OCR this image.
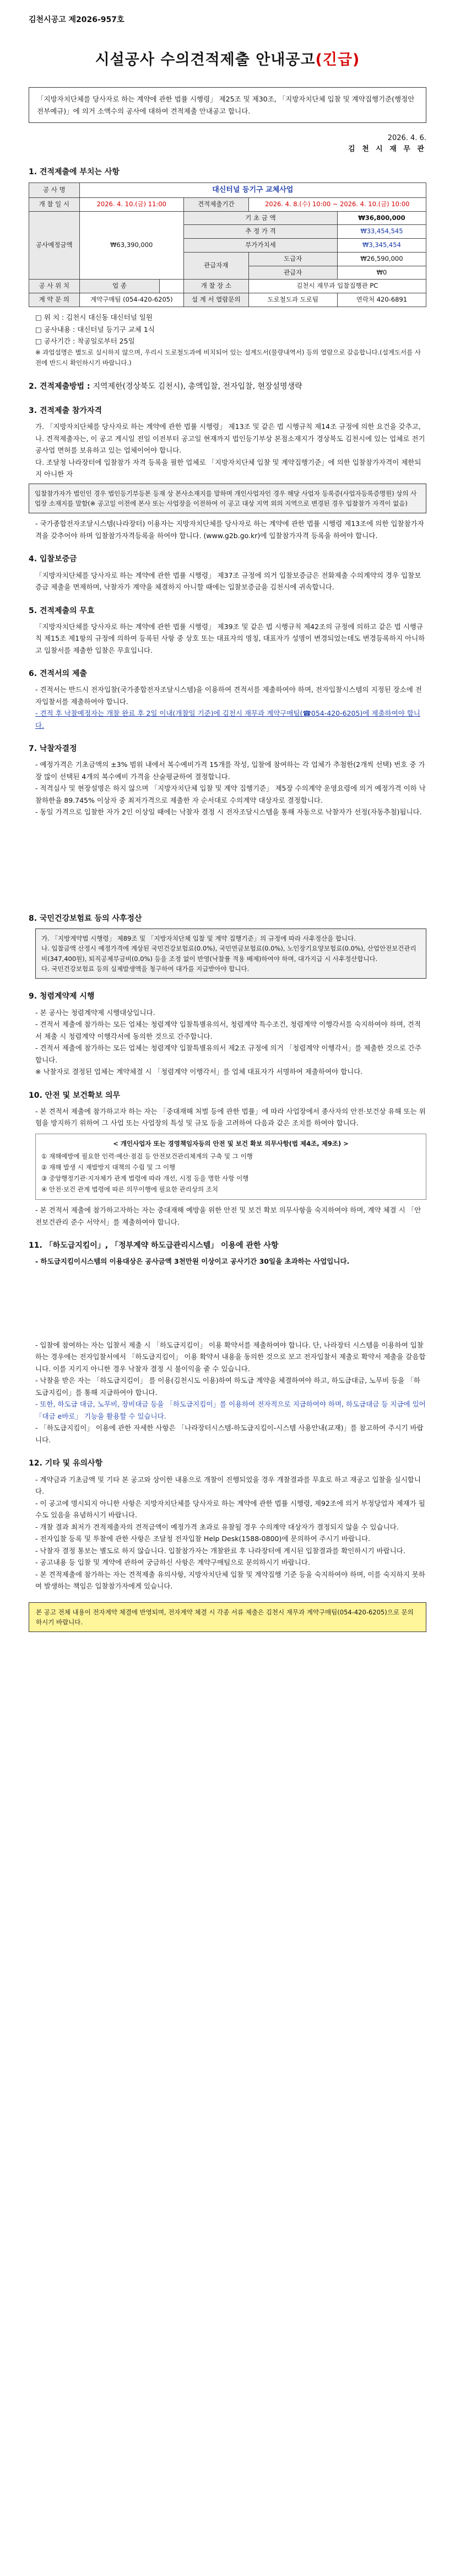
김천시공고 제2026-957호
시설공사 수의견적제출 안내공고(긴급)
「지방자치단체를 당사자로 하는 계약에 관한 법률 시행령」 제25조 및 제30조, 「지방자치단체 입찰 및 계약집행기준(행정안전부예규)」에 의거 소액수의 공사에 대하여 견적제출 안내공고 합니다.
2026. 4. 6.
김 천 시 재 무 관
1. 견적제출에 부치는 사항
공 사 명	대신터널 등기구 교체사업				
개 찰 일 시	2026. 4. 10.(금) 11:00		견적제출기간	2026. 4. 8.(수) 10:00 ~ 2026. 4. 10.(금) 10:00	
공사예정금액	₩63,390,000		기 초 금 액		₩36,800,000
			추 정 가 격		₩33,454,545
			부가가치세		₩3,345,454
			관급자재	도급자	₩26,590,000
				관급자	₩0
공 사 위 치	업 종		개 찰 장 소	김천시 재무과 입찰집행관 PC	
계 약 문 의	계약구매팀 (054-420-6205)		설 계 서 열람문의	도로철도과 도로팀	연락처 420-6891
□ 위 치 : 김천시 대신동 대신터널 일원
□ 공사내용 : 대신터널 등기구 교체 1식
□ 공사기간 : 착공일로부터 25일
※ 과업설명은 별도로 실시하지 않으며, 우리시 도로철도과에 비치되어 있는 설계도서(물량내역서) 등의 열람으로 갈음합니다.(설계도서를 사전에 반드시 확인하시기 바랍니다.)
2. 견적제출방법 : 지역제한(경상북도 김천시), 총액입찰, 전자입찰, 현장설명생략
3. 견적제출 참가자격
가. 「지방자치단체를 당사자로 하는 계약에 관한 법률 시행령」 제13조 및 같은 법 시행규칙 제14조 규정에 의한 요건을 갖추고,
나. 견적제출자는, 이 공고 게시일 전일 이전부터 공고일 현재까지 법인등기부상 본점소재지가 경상북도 김천시에 있는 업체로 전기공사업 면허를 보유하고 있는 업체이어야 합니다.
다. 조달청 나라장터에 입찰참가 자격 등록을 필한 업체로 「지방자치단체 입찰 및 계약집행기준」에 의한 입찰참가자격이 제한되지 아니한 자
입찰참가자가 법인인 경우 법인등기부등본 등재 상 본사소재지를 말하며 개인사업자인 경우 해당 사업자 등록증(사업자등록증명원) 상의 사업장 소재지를 말함(※ 공고일 이전에 본사 또는 사업장을 이전하여 이 공고 대상 지역 외의 지역으로 변경된 경우 입찰참가 자격이 없음)
- 국가종합전자조달시스템(나라장터) 이용자는 지방자치단체를 당사자로 하는 계약에 관한 법률 시행령 제13조에 의한 입찰참가자격을 갖추어야 하며 입찰참가자격등록을 하여야 합니다. (www.g2b.go.kr)에 입찰참가자격 등록을 하여야 합니다.
4. 입찰보증금

「지방자치단체를 당사자로 하는 계약에 관한 법률 시행령」 제37조 규정에 의거 입찰보증금은 전화제출 수의계약의 경우 입찰보증금 제출을 면제하며, 낙찰자가 계약을 체결하지 아니할 때에는 입찰보증금을 김천시에 귀속합니다.

5. 견적제출의 무효

「지방자치단체를 당사자로 하는 계약에 관한 법률 시행령」 제39조 및 같은 법 시행규칙 제42조의 규정에 의하고 같은 법 시행규칙 제15조 제1항의 규정에 의하여 등록된 사항 중 상호 또는 대표자의 명칭, 대표자가 성명이 변경되었는데도 변경등록하지 아니하고 입찰서를 제출한 입찰은 무효입니다.

6. 견적서의 제출
- 견적서는 반드시 전자입찰(국가종합전자조달시스템)을 이용하여 견적서를 제출하여야 하며, 전자입찰시스템의 지정된 장소에 전자입찰서를 제출하여야 합니다.
- 견적 후 낙찰예정자는 개찰 완료 후 2일 이내(개찰일 기준)에 김천시 재무과 계약구매팀(☎054-420-6205)에 제출하여야 합니다.
7. 낙찰자결정
- 예정가격은 기초금액의 ±3% 범위 내에서 복수예비가격 15개를 작성, 입찰에 참여하는 각 업체가 추첨한(2개씩 선택) 번호 중 가장 많이 선택된 4개의 복수예비 가격을 산술평균하여 결정합니다.
- 적격심사 및 현장설명은 하지 않으며 「지방자치단체 입찰 및 계약 집행기준」 제5장 수의계약 운영요령에 의거 예정가격 이하 낙찰하한율 89.745% 이상자 중 최저가격으로 제출한 자 순서대로 수의계약 대상자로 결정합니다.
- 동일 가격으로 입찰한 자가 2인 이상일 때에는 낙찰자 결정 시 전자조달시스템을 통해 자동으로 낙찰자가 선정(자동추첨)됩니다.
8. 국민건강보험료 등의 사후정산
가. 「지방계약법 시행령」 제89조 및 「지방자치단체 입찰 및 계약 집행기준」의 규정에 따라 사후정산을 합니다.
나. 입찰금액 산정시 예정가격에 계상된 국민건강보험료(0.0%), 국민연금보험료(0.0%), 노인장기요양보험료(0.0%), 산업안전보건관리비(347,400원), 퇴직공제부금비(0.0%) 등을 조정 없이 반영(낙찰률 적용 배제)하여야 하며, 대가지급 시 사후정산합니다.
다. 국민건강보험료 등의 실제발생액을 청구하여 대가를 지급받아야 합니다.
9. 청렴계약제 시행
- 본 공사는 청렴계약제 시행대상입니다.
- 견적서 제출에 참가하는 모든 업체는 청렴계약 입찰특별유의서, 청렴계약 특수조건, 청렴계약 이행각서를 숙지하여야 하며, 견적서 제출 시 청렴계약 이행각서에 동의한 것으로 간주합니다.
- 견적서 제출에 참가하는 모든 업체는 청렴계약 입찰특별유의서 제2조 규정에 의거 「청렴계약 이행각서」를 제출한 것으로 간주합니다.
※ 낙찰자로 결정된 업체는 계약체결 시 「청렴계약 이행각서」를 업체 대표자가 서명하여 제출하여야 합니다.
10. 안전 및 보건확보 의무
- 본 견적서 제출에 참가하고자 하는 자는 「중대재해 처벌 등에 관한 법률」에 따라 사업장에서 종사자의 안전·보건상 유해 또는 위험을 방지하기 위하여 그 사업 또는 사업장의 특성 및 규모 등을 고려하여 다음과 같은 조치를 하여야 합니다.
< 개인사업자 또는 경영책임자등의 안전 및 보건 확보 의무사항(법 제4조, 제9조) >
① 재해예방에 필요한 인력·예산·점검 등 안전보건관리체계의 구축 및 그 이행
② 재해 발생 시 재발방지 대책의 수립 및 그 이행
③ 중앙행정기관·지자체가 관계 법령에 따라 개선, 시정 등을 명한 사항 이행
④ 안전·보건 관계 법령에 따른 의무이행에 필요한 관리상의 조치
- 본 견적서 제출에 참가하고자하는 자는 중대재해 예방을 위한 안전 및 보건 확보 의무사항을 숙지하여야 하며, 계약 체결 시 「안전보건관리 준수 서약서」를 제출하여야 합니다.
11. 「하도급지킴이」, 「정부계약 하도급관리시스템」 이용에 관한 사항
- 하도급지킴이시스템의 이용대상은 공사금액 3천만원 이상이고 공사기간 30일을 초과하는 사업입니다.
- 입찰에 참여하는 자는 입찰서 제출 시 「하도급지킴이」 이용 확약서를 제출하여야 합니다. 단, 나라장터 시스템을 이용하여 입찰하는 경우에는 전자입찰서에서 「하도급지킴이」 이용 확약서 내용을 동의한 것으로 보고 전자입찰서 제출로 확약서 제출을 갈음합니다. 이를 지키지 아니한 경우 낙찰자 결정 시 불이익을 줄 수 있습니다.
- 낙찰을 받은 자는 「하도급지킴이」 를 이용(김천시도 이용)하여 하도급 계약을 체결하여야 하고, 하도급대금, 노무비 등을 「하도급지킴이」를 통해 지급하여야 합니다.
- 또한, 하도급 대금, 노무비, 장비대금 등을 「하도급지킴이」를 이용하여 전자적으로 지급하여야 하며, 하도급대금 등 지급에 있어 「대금 e바로」 기능을 활용할 수 있습니다.
- 「하도급지킴이」 이용에 관한 자세한 사항은 「나라장터시스템-하도급지킴이-시스템 사용안내(교재)」를 참고하여 주시기 바랍니다.
12. 기타 및 유의사항
- 계약금과 기초금액 및 기타 본 공고와 상이한 내용으로 개찰이 진행되었을 경우 개찰결과를 무효로 하고 재공고 입찰을 실시합니다.
- 이 공고에 명시되지 아니한 사항은 지방자치단체를 당사자로 하는 계약에 관한 법률 시행령, 제92조에 의거 부정당업자 제재가 될 수도 있음을 유념하시기 바랍니다.
- 개찰 결과 최저가 견적제출자의 견적금액이 예정가격 초과로 유찰될 경우 수의계약 대상자가 결정되지 않을 수 있습니다.
- 전자입찰 등록 및 투찰에 관한 사항은 조달청 전자입찰 Help Desk(1588-0800)에 문의하여 주시기 바랍니다.
- 낙찰자 결정 통보는 별도로 하지 않습니다. 입찰참가자는 개찰완료 후 나라장터에 게시된 입찰결과를 확인하시기 바랍니다.
- 공고내용 등 입찰 및 계약에 관하여 궁금하신 사항은 계약구매팀으로 문의하시기 바랍니다.
- 본 견적제출에 참가하는 자는 견적제출 유의사항, 지방자치단체 입찰 및 계약집행 기준 등을 숙지하여야 하며, 이를 숙지하지 못하여 발생하는 책임은 입찰참가자에게 있습니다.
본 공고 전체 내용이 전자계약 체결에 반영되며, 전자계약 체결 시 각종 서류 제출은 김천시 재무과 계약구매팀(054-420-6205)으로 문의하시기 바랍니다.
